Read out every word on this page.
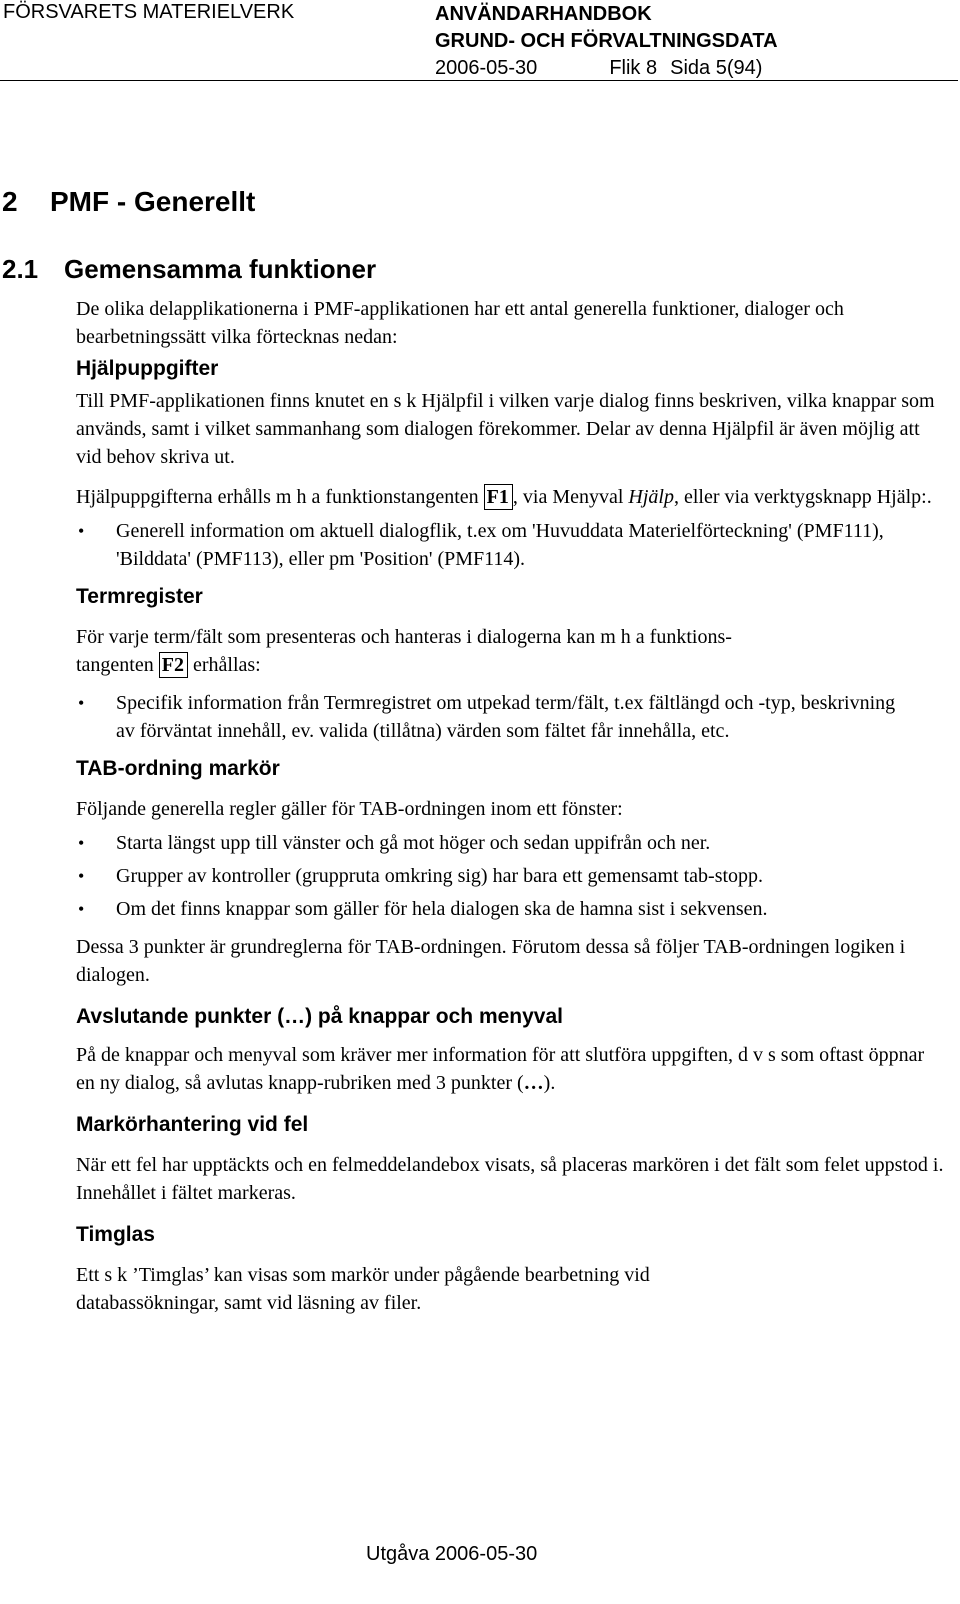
FÖRSVARETS MATERIELVERK	ANVÄNDARHANDBOK
GRUND- OCH FÖRVALTNINGSDATA
2006-05-30	Flik 8 Sida 5(94)
2 PMF - Generellt
2.1 Gemensamma funktioner

De olika delapplikationerna i PMF-applikationen har ett antal generella funktioner, dialoger och bearbetningssätt vilka förtecknas nedan:

Hjälpuppgifter

Till PMF-applikationen finns knutet en s k Hjälpfil i vilken varje dialog finns beskriven, vilka knappar som används, samt i vilket sammanhang som dialogen förekommer. Delar av denna Hjälpfil är även möjlig att vid behov skriva ut.

Hjälpuppgifterna erhålls m h a funktionstangenten F1 , via Menyval Hjälp, eller via verktygsknapp Hjälp:.

• Generell information om aktuell dialogflik, t.ex om 'Huvuddata Materielförteckning' (PMF111), 'Bilddata' (PMF113), eller pm 'Position' (PMF114).
Termregister

För varje term/fält som presenteras och hanteras i dialogerna kan m h a funktions-
tangenten F2 erhållas:

• Specifik information från Termregistret om utpekad term/fält, t.ex fältlängd och -typ, beskrivning av förväntat innehåll, ev. valida (tillåtna) värden som fältet får innehålla, etc.
TAB-ordning markör

Följande generella regler gäller för TAB-ordningen inom ett fönster:

• Starta längst upp till vänster och gå mot höger och sedan uppifrån och ner.
• Grupper av kontroller (gruppruta omkring sig) har bara ett gemensamt tab-stopp.
• Om det finns knappar som gäller för hela dialogen ska de hamna sist i sekvensen.

Dessa 3 punkter är grundreglerna för TAB-ordningen. Förutom dessa så följer TAB-ordningen logiken i dialogen.

Avslutande punkter (…) på knappar och menyval

På de knappar och menyval som kräver mer information för att slutföra uppgiften, d v s som oftast öppnar en ny dialog, så avlutas knapp-rubriken med 3 punkter (…).

Markörhantering vid fel

När ett fel har upptäckts och en felmeddelandebox visats, så placeras markören i det fält som felet uppstod i. Innehållet i fältet markeras.

Timglas

Ett s k ’Timglas’ kan visas som markör under pågående bearbetning vid databassökningar, samt vid läsning av filer.

Utgåva 2006-05-30
